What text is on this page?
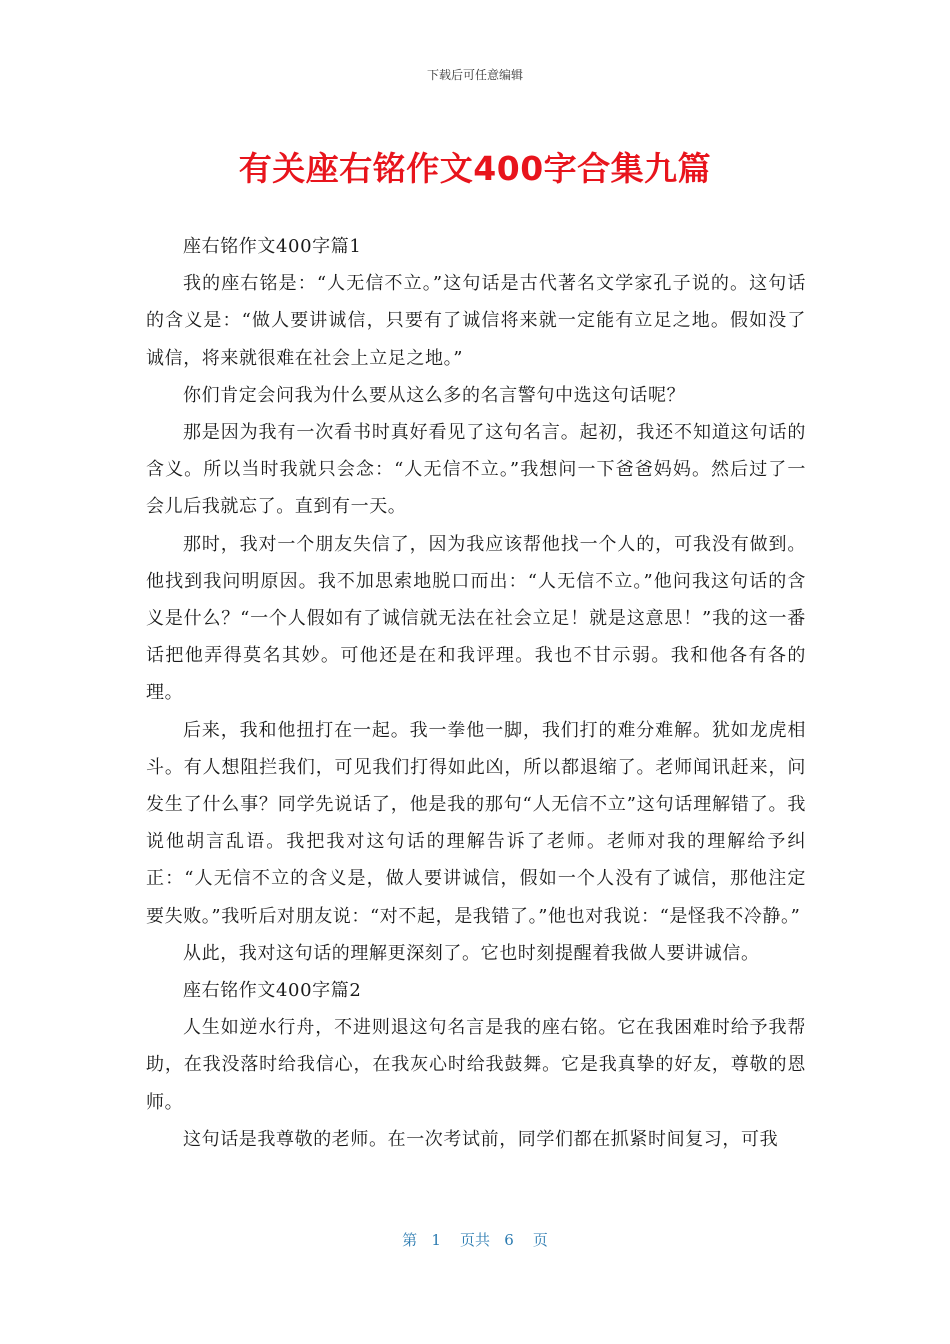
下载后可任意编辑
有关座右铭作文400字合集九篇

座右铭作文400字篇1

我的座右铭是：“人无信不立。”这句话是古代著名文学家孔子说的。这句话的含义是：“做人要讲诚信，只要有了诚信将来就一定能有立足之地。假如没了诚信，将来就很难在社会上立足之地。”

你们肯定会问我为什么要从这么多的名言警句中选这句话呢？

那是因为我有一次看书时真好看见了这句名言。起初，我还不知道这句话的含义。所以当时我就只会念：“人无信不立。”我想问一下爸爸妈妈。然后过了一会儿后我就忘了。直到有一天。

那时，我对一个朋友失信了，因为我应该帮他找一个人的，可我没有做到。他找到我问明原因。我不加思索地脱口而出：“人无信不立。”他问我这句话的含义是什么？“一个人假如有了诚信就无法在社会立足！就是这意思！”我的这一番话把他弄得莫名其妙。可他还是在和我评理。我也不甘示弱。我和他各有各的理。

后来，我和他扭打在一起。我一拳他一脚，我们打的难分难解。犹如龙虎相斗。有人想阻拦我们，可见我们打得如此凶，所以都退缩了。老师闻讯赶来，问发生了什么事？同学先说话了，他是我的那句“人无信不立”这句话理解错了。我说他胡言乱语。我把我对这句话的理解告诉了老师。老师对我的理解给予纠正：“人无信不立的含义是，做人要讲诚信，假如一个人没有了诚信，那他注定要失败。”我听后对朋友说：“对不起，是我错了。”他也对我说：“是怪我不冷静。”

从此，我对这句话的理解更深刻了。它也时刻提醒着我做人要讲诚信。

座右铭作文400字篇2

人生如逆水行舟，不进则退这句名言是我的座右铭。它在我困难时给予我帮助，在我没落时给我信心，在我灰心时给我鼓舞。它是我真挚的好友，尊敬的恩师。

这句话是我尊敬的老师。在一次考试前，同学们都在抓紧时间复习，可我

第   1    页共   6    页
